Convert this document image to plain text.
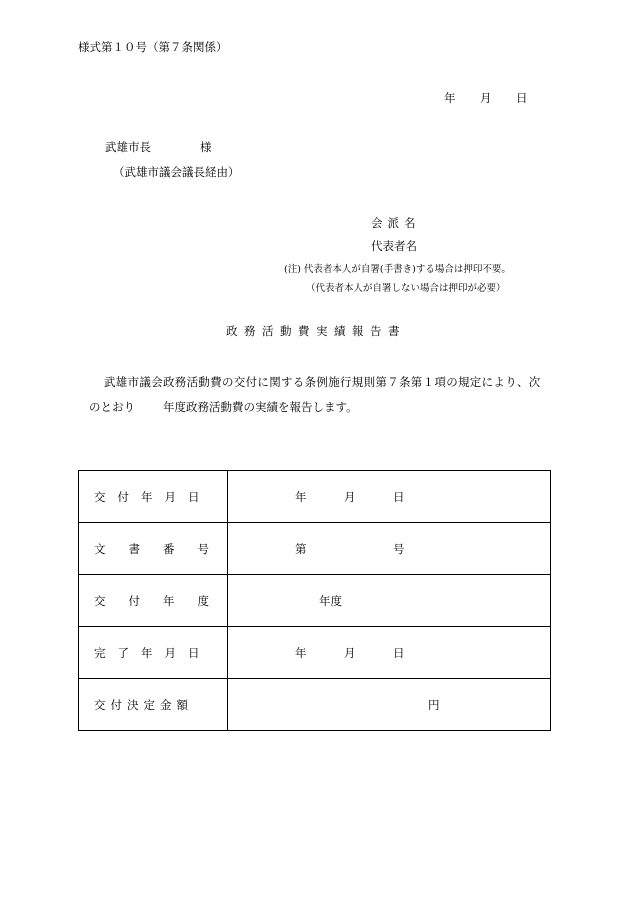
様式第１０号（第７条関係）
年 月 日
武雄市長	様
（武雄市議会議長経由）
会派名
代表者名
(注) 代表者本人が自署(手書き)する場合は押印不要。
（代表者本人が自署しない場合は押印が必要）
政務活動費実績報告書
武雄市議会政務活動費の交付に関する条例施行規則第７条第１項の規定により、次
のとおり 年度政務活動費の実績を報告します。
交付年月日	年 月 日

文書番号	第 号

交付年度	年度

完了年月日	年 月 日

交付決定金額	円
